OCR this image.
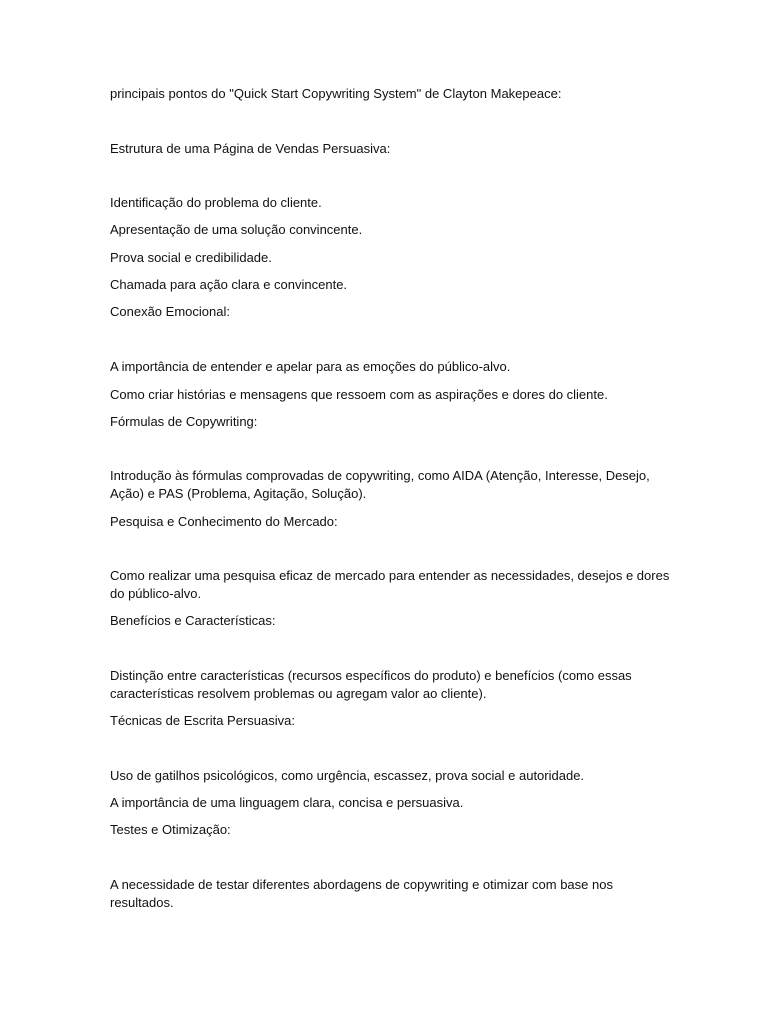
principais pontos do "Quick Start Copywriting System" de Clayton Makepeace:
Estrutura de uma Página de Vendas Persuasiva:
Identificação do problema do cliente.
Apresentação de uma solução convincente.
Prova social e credibilidade.
Chamada para ação clara e convincente.
Conexão Emocional:
A importância de entender e apelar para as emoções do público-alvo.
Como criar histórias e mensagens que ressoem com as aspirações e dores do cliente.
Fórmulas de Copywriting:
Introdução às fórmulas comprovadas de copywriting, como AIDA (Atenção, Interesse, Desejo, Ação) e PAS (Problema, Agitação, Solução).
Pesquisa e Conhecimento do Mercado:
Como realizar uma pesquisa eficaz de mercado para entender as necessidades, desejos e dores do público-alvo.
Benefícios e Características:
Distinção entre características (recursos específicos do produto) e benefícios (como essas características resolvem problemas ou agregam valor ao cliente).
Técnicas de Escrita Persuasiva:
Uso de gatilhos psicológicos, como urgência, escassez, prova social e autoridade.
A importância de uma linguagem clara, concisa e persuasiva.
Testes e Otimização:
A necessidade de testar diferentes abordagens de copywriting e otimizar com base nos resultados.
